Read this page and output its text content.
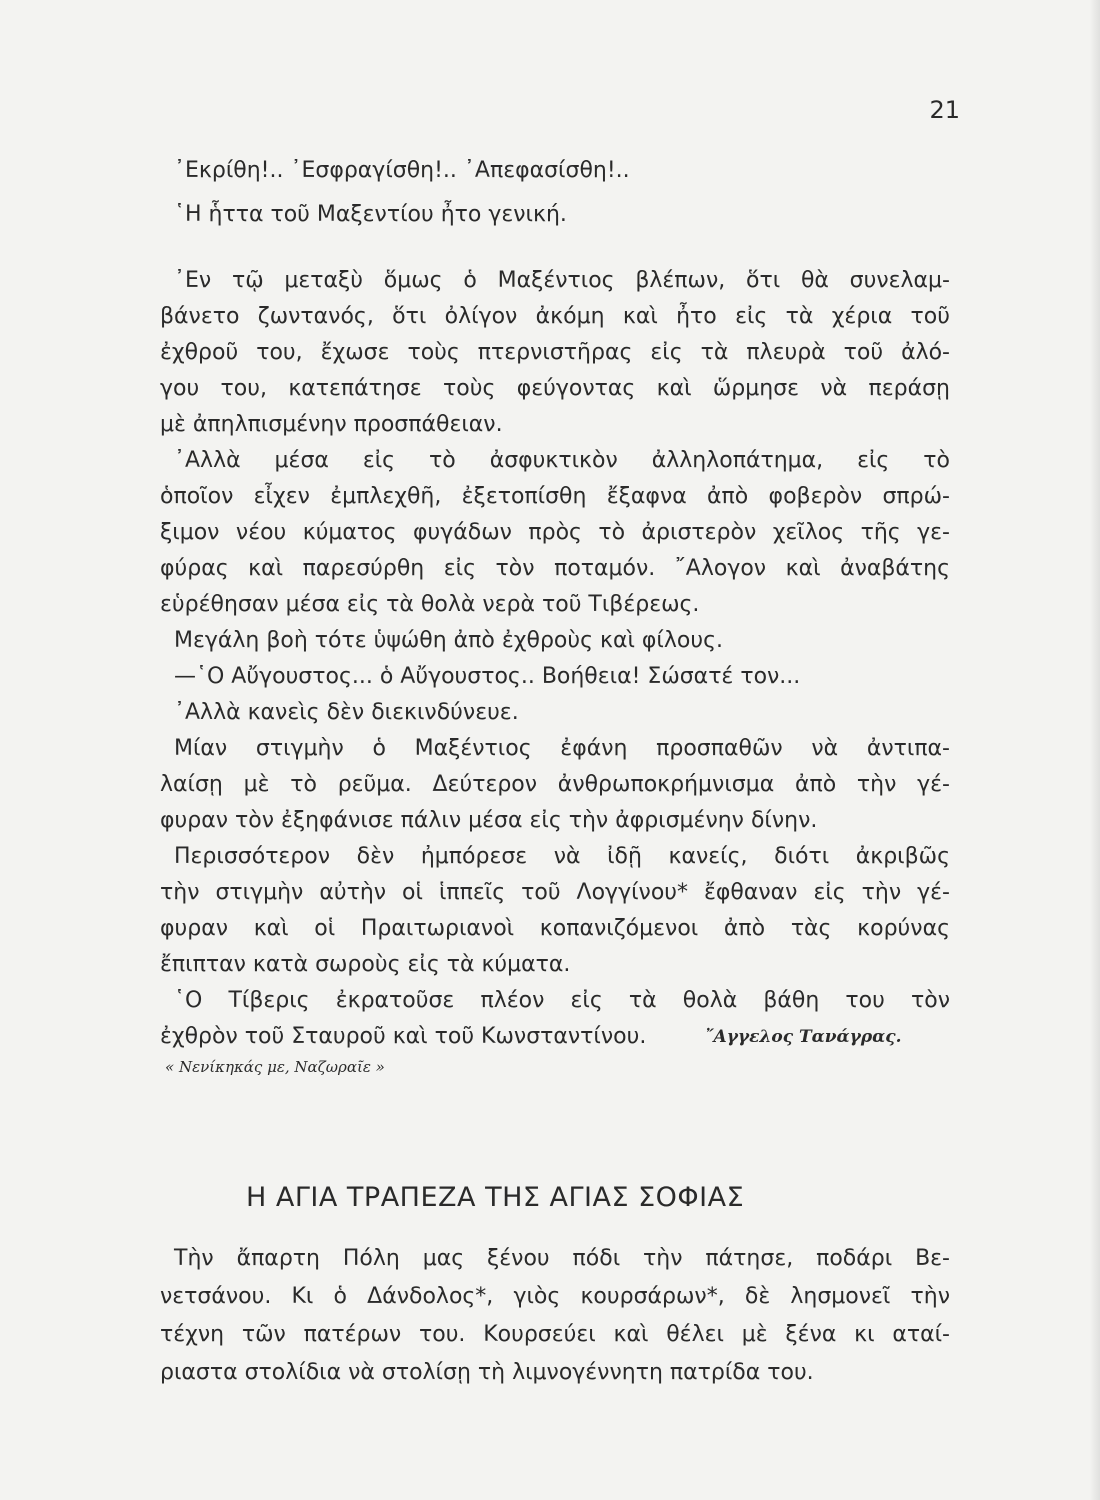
21
᾿Εκρίθη!.. ᾿Εσφραγίσθη!.. ᾿Απεφασίσθη!..
῾Η ἧττα τοῦ Μαξεντίου ἦτο γενική.
᾿Εν τῷ μεταξὺ ὅμως ὁ Μαξέντιος βλέπων, ὅτι θὰ συνελαμ-
βάνετο ζωντανός, ὅτι ὀλίγον ἀκόμη καὶ ἦτο εἰς τὰ χέρια τοῦ
ἐχθροῦ του, ἔχωσε τοὺς πτερνιστῆρας εἰς τὰ πλευρὰ τοῦ ἀλό-
γου του, κατεπάτησε τοὺς φεύγοντας καὶ ὥρμησε νὰ περάσῃ
μὲ ἀπηλπισμένην προσπάθειαν.
᾿Αλλὰ μέσα εἰς τὸ ἀσφυκτικὸν ἀλληλοπάτημα, εἰς τὸ
ὁποῖον εἶχεν ἐμπλεχθῆ, ἐξετοπίσθη ἔξαφνα ἀπὸ φοβερὸν σπρώ-
ξιμον νέου κύματος φυγάδων πρὸς τὸ ἀριστερὸν χεῖλος τῆς γε-
φύρας καὶ παρεσύρθη εἰς τὸν ποταμόν. ῎Αλογον καὶ ἀναβάτης
εὑρέθησαν μέσα εἰς τὰ θολὰ νερὰ τοῦ Τιβέρεως.
Μεγάλη βοὴ τότε ὑψώθη ἀπὸ ἐχθροὺς καὶ φίλους.
—῾Ο Αὔγουστος... ὁ Αὔγουστος.. Βοήθεια! Σώσατέ τον...
᾿Αλλὰ κανεὶς δὲν διεκινδύνευε.
Μίαν στιγμὴν ὁ Μαξέντιος ἐφάνη προσπαθῶν νὰ ἀντιπα-
λαίσῃ μὲ τὸ ρεῦμα. Δεύτερον ἀνθρωποκρήμνισμα ἀπὸ τὴν γέ-
φυραν τὸν ἐξηφάνισε πάλιν μέσα εἰς τὴν ἀφρισμένην δίνην.
Περισσότερον δὲν ἠμπόρεσε νὰ ἰδῇ κανείς, διότι ἀκριβῶς
τὴν στιγμὴν αὐτὴν οἱ ἱππεῖς τοῦ Λογγίνου* ἔφθαναν εἰς τὴν γέ-
φυραν καὶ οἱ Πραιτωριανοὶ κοπανιζόμενοι ἀπὸ τὰς κορύνας
ἔπιπταν κατὰ σωροὺς εἰς τὰ κύματα.
῾Ο Τίβερις ἐκρατοῦσε πλέον εἰς τὰ θολὰ βάθη του τὸν
ἐχθρὸν τοῦ Σταυροῦ καὶ τοῦ Κωνσταντίνου.	῎Αγγελος Τανάγρας.
« Νενίκηκάς με, Ναζωραῖε »
Η ΑΓΙΑ ΤΡΑΠΕΖΑ ΤΗΣ ΑΓΙΑΣ ΣΟΦΙΑΣ
Τὴν ἄπαρτη Πόλη μας ξένου πόδι τὴν πάτησε, ποδάρι Βε-
νετσάνου. Κι ὁ Δάνδολος*, γιὸς κουρσάρων*, δὲ λησμονεῖ τὴν
τέχνη τῶν πατέρων του. Κουρσεύει καὶ θέλει μὲ ξένα κι αταί-
ριαστα στολίδια νὰ στολίσῃ τὴ λιμνογέννητη πατρίδα του.
